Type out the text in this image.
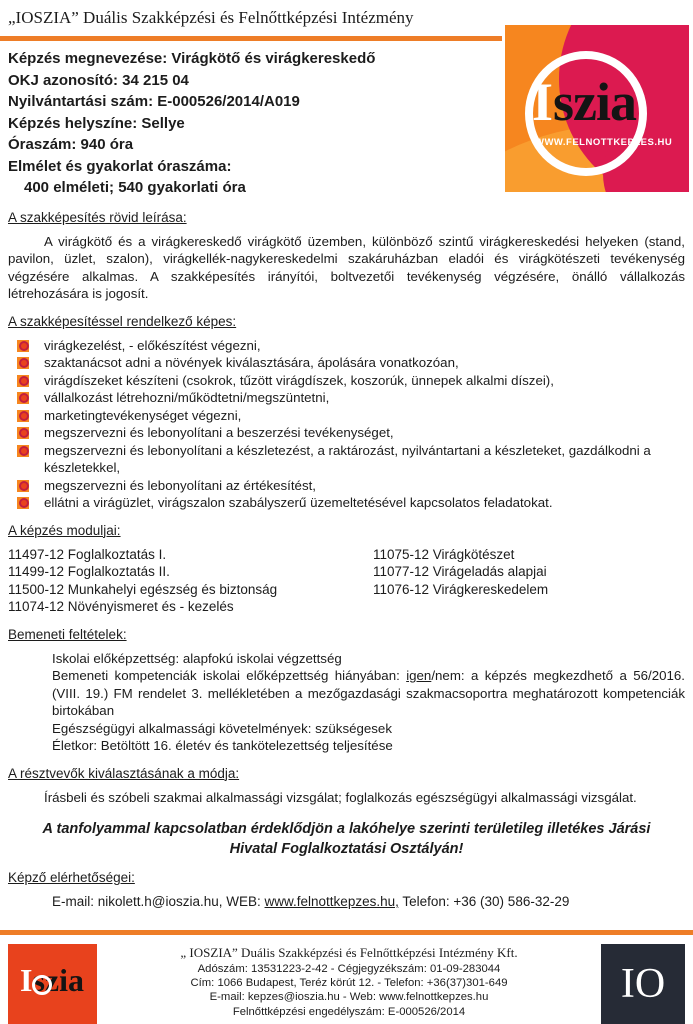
„IOSZIA” Duális Szakképzési és Felnőttképzési Intézmény
Iszia
WWW.FELNOTTKEPZES.HU
Képzés megnevezése: Virágkötő és virágkereskedő
OKJ azonosító: 34 215 04
Nyilvántartási szám: E-000526/2014/A019
Képzés helyszíne: Sellye
Óraszám: 940 óra
Elmélet és gyakorlat óraszáma:
400 elméleti; 540 gyakorlati óra
A szakképesítés rövid leírása:

A virágkötő és a virágkereskedő virágkötő üzemben, különböző szintű virágkereskedési helyeken (stand, pavilon, üzlet, szalon), virágkellék-nagykereskedelmi szakáruházban eladói és virágkötészeti tevékenység végzésére alkalmas. A szakképesítés irányítói, boltvezetői tevékenység végzésére, önálló vállalkozás létrehozására is jogosít.

A szakképesítéssel rendelkező képes:
virágkezelést, - előkészítést végezni,
szaktanácsot adni a növények kiválasztására, ápolására vonatkozóan,
virágdíszeket készíteni (csokrok, tűzött virágdíszek, koszorúk, ünnepek alkalmi díszei),
vállalkozást létrehozni/működtetni/megszüntetni,
marketingtevékenységet végezni,
megszervezni és lebonyolítani a beszerzési tevékenységet,
megszervezni és lebonyolítani a készletezést, a raktározást, nyilvántartani a készleteket, gazdálkodni a
készletekkel,
megszervezni és lebonyolítani az értékesítést,
ellátni a virágüzlet, virágszalon szabályszerű üzemeltetésével kapcsolatos feladatokat.
A képzés moduljai:
11497-12 Foglalkoztatás I.
11499-12 Foglalkoztatás II.
11500-12 Munkahelyi egészség és biztonság
11074-12 Növényismeret és - kezelés
11075-12 Virágkötészet
11077-12 Virágeladás alapjai
11076-12 Virágkereskedelem
Bemeneti feltételek:
Iskolai előképzettség: alapfokú iskolai végzettség
Bemeneti kompetenciák iskolai előképzettség hiányában: igen/nem: a képzés megkezdhető a 56/2016. (VIII. 19.) FM rendelet 3. mellékletében a mezőgazdasági szakmacsoportra meghatározott kompetenciák birtokában
Egészségügyi alkalmassági követelmények: szükségesek
Életkor: Betöltött 16. életév és tankötelezettség teljesítése
A résztvevők kiválasztásának a módja:

Írásbeli és szóbeli szakmai alkalmassági vizsgálat; foglalkozás egészségügyi alkalmassági vizsgálat.

A tanfolyammal kapcsolatban érdeklődjön a lakóhelye szerinti területileg illetékes Járási Hivatal Foglalkoztatási Osztályán!
Képző elérhetőségei:
E-mail: nikolett.h@ioszia.hu, WEB: www.felnottkepzes.hu, Telefon: +36 (30) 586-32-29
Iszia
„ IOSZIA” Duális Szakképzési és Felnőttképzési Intézmény Kft.
Adószám: 13531223-2-42 - Cégjegyzékszám: 01-09-283044
Cím: 1066 Budapest, Teréz körút 12. - Telefon: +36(37)301-649
E-mail: kepzes@ioszia.hu - Web: www.felnottkepzes.hu
Felnőttképzési engedélyszám: E-000526/2014
IO
